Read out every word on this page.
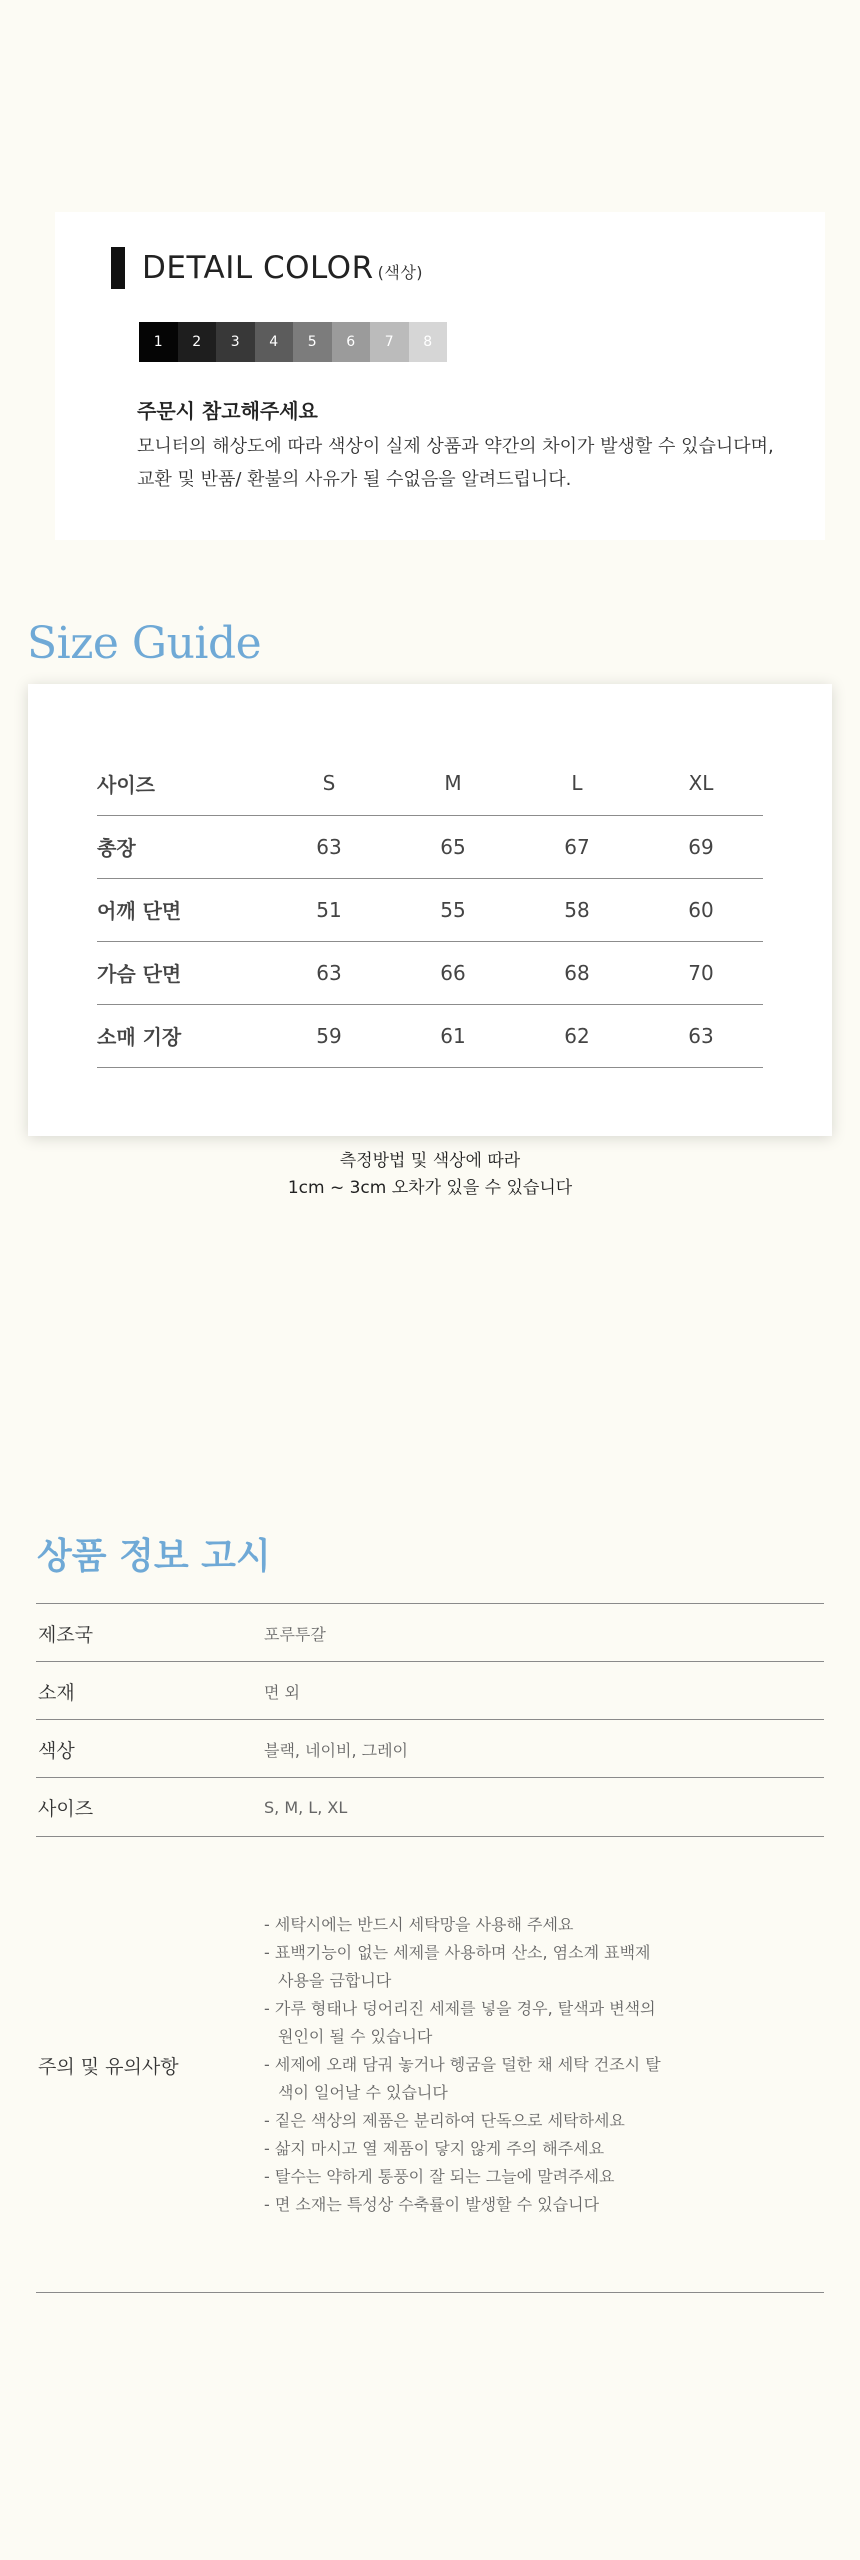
DETAIL COLOR (색상)
1	2	3	4	5	6	7	8
주문시 참고해주세요
모니터의 해상도에 따라 색상이 실제 상품과 약간의 차이가 발생할 수 있습니다며,
교환 및 반품/ 환불의 사유가 될 수없음을 알려드립니다.
Size Guide
사이즈	S	M	L	XL
총장	63	65	67	69
어깨 단면	51	55	58	60
가슴 단면	63	66	68	70
소매 기장	59	61	62	63
측정방법 및 색상에 따라
1cm ~ 3cm 오차가 있을 수 있습니다
상품 정보 고시
제조국	포루투갈
소재	면 외
색상	블랙, 네이비, 그레이
사이즈	S, M, L, XL
주의 및 유의사항
- 세탁시에는 반드시 세탁망을 사용해 주세요
- 표백기능이 없는 세제를 사용하며 산소, 염소계 표백제 사용을 금합니다
- 가루 형태나 덩어리진 세제를 넣을 경우, 탈색과 변색의 원인이 될 수 있습니다
- 세제에 오래 담궈 놓거나 헹굼을 덜한 채 세탁 건조시 탈색이 일어날 수 있습니다
- 짙은 색상의 제품은 분리하여 단독으로 세탁하세요
- 삶지 마시고 열 제품이 닿지 않게 주의 해주세요
- 탈수는 약하게 통풍이 잘 되는 그늘에 말려주세요
- 면 소재는 특성상 수축률이 발생할 수 있습니다
